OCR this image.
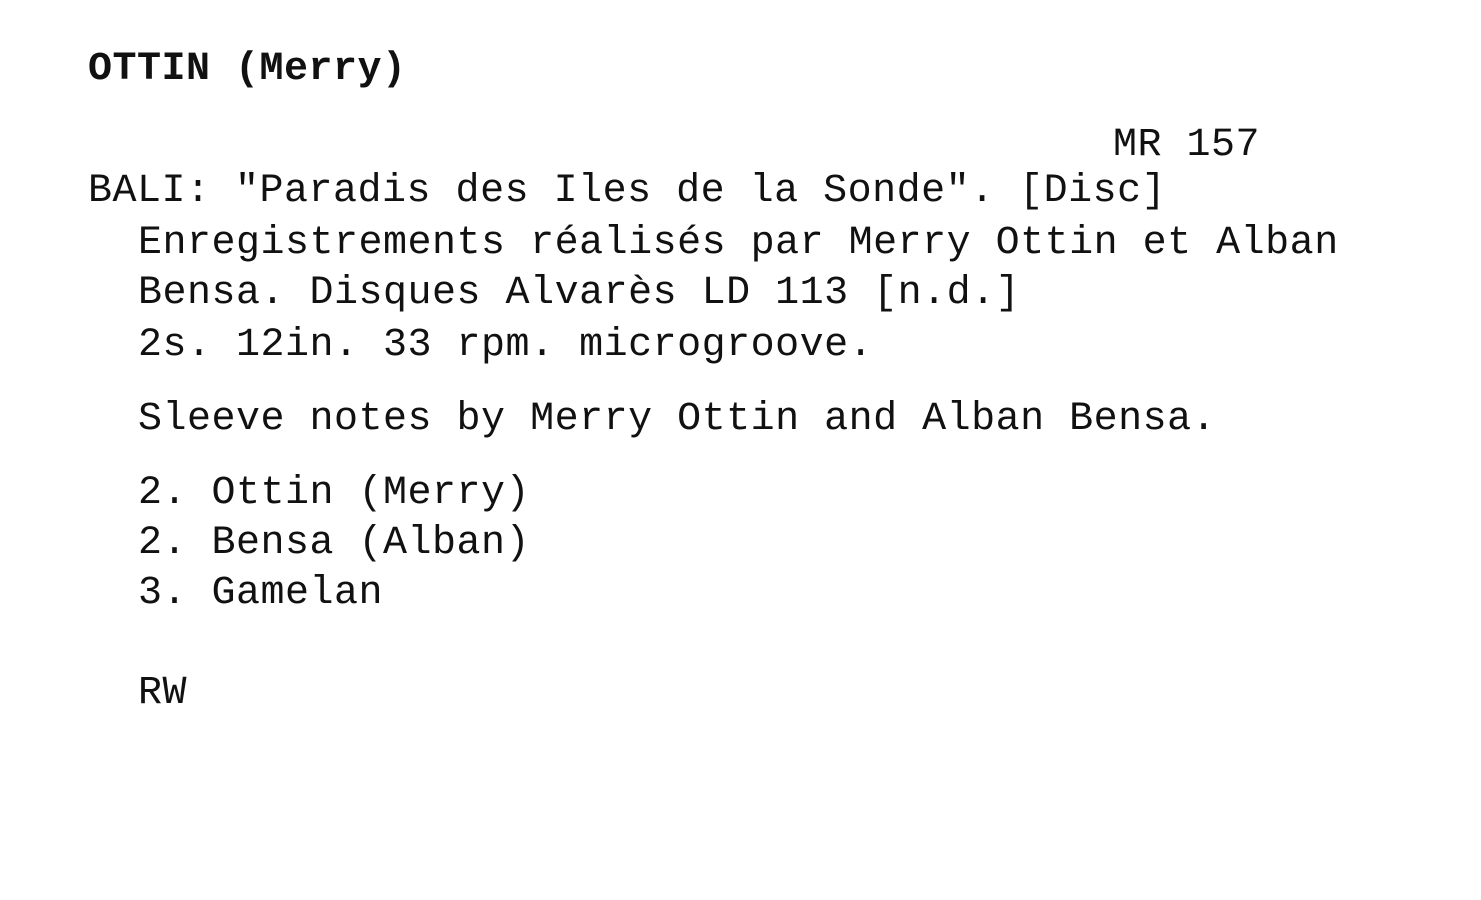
OTTIN (Merry)
MR 157
BALI: "Paradis des Iles de la Sonde". [Disc]
Enregistrements réalisés par Merry Ottin et Alban
Bensa. Disques Alvarès LD 113 [n.d.]
2s. 12in. 33 rpm. microgroove.
Sleeve notes by Merry Ottin and Alban Bensa.
2. Ottin (Merry)
2. Bensa (Alban)
3. Gamelan
RW
